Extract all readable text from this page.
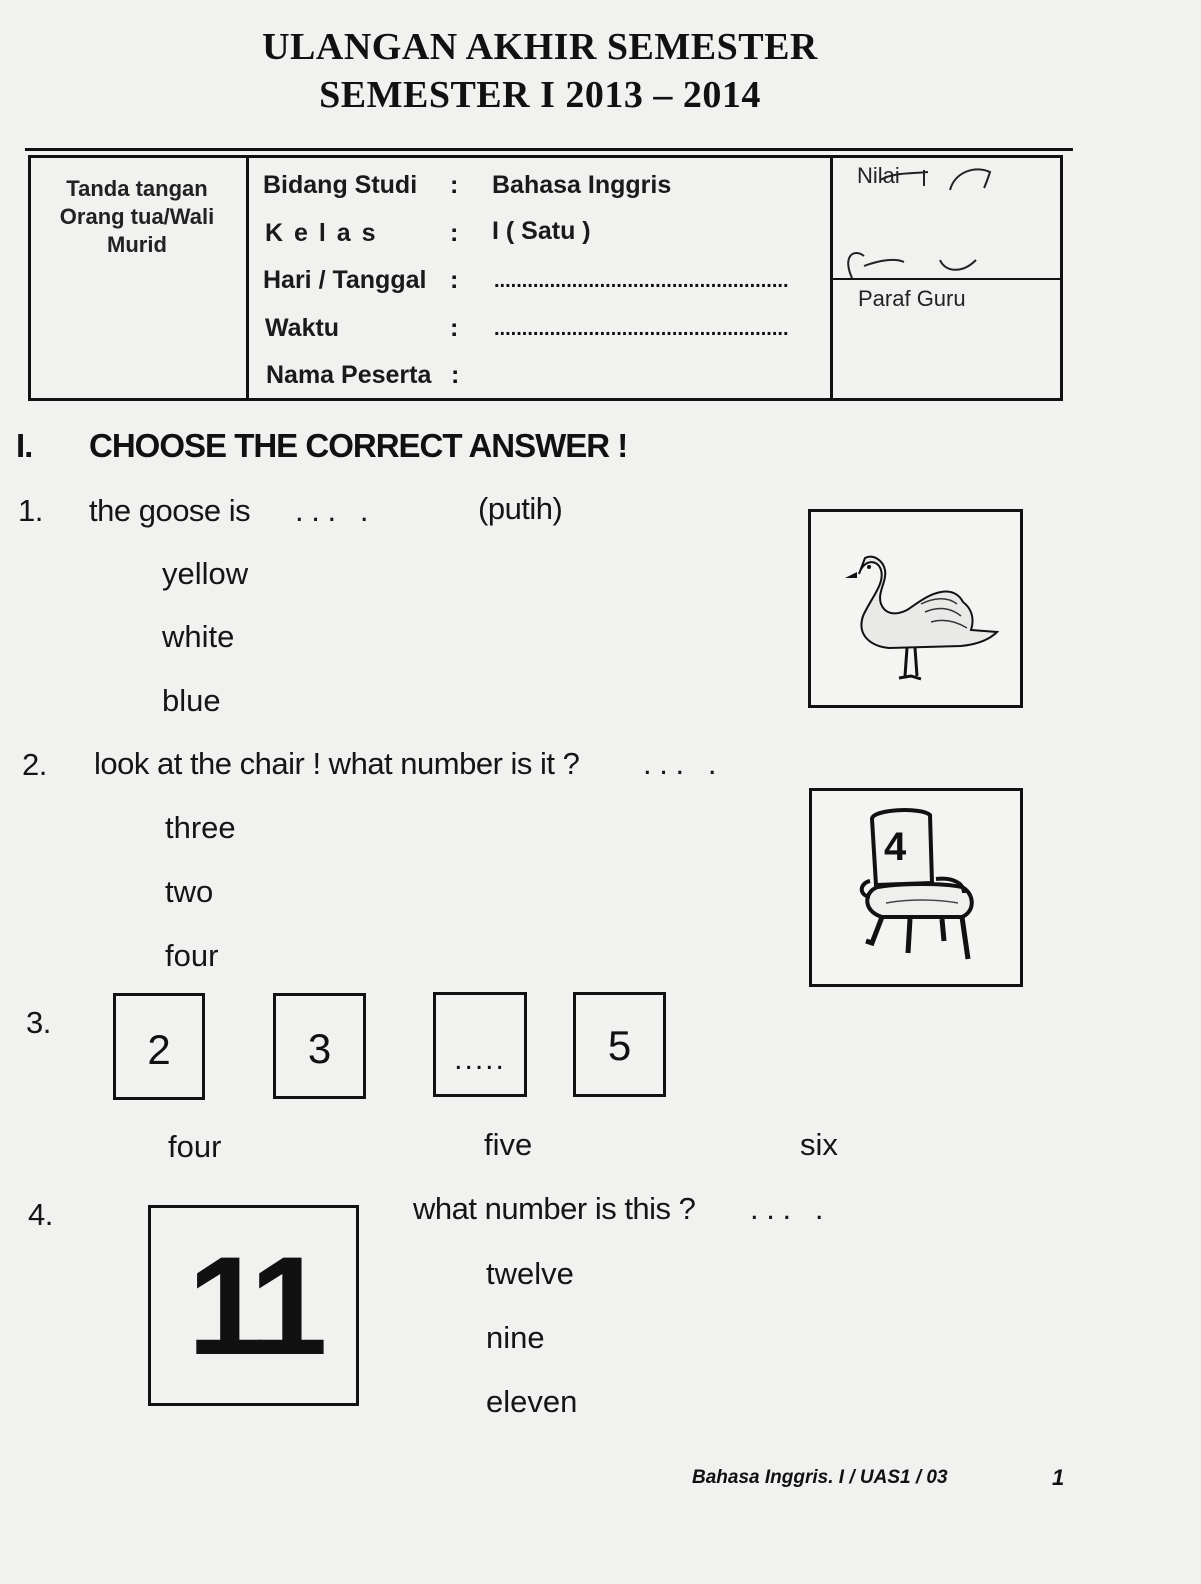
ULANGAN AKHIR SEMESTER
SEMESTER I 2013 – 2014
Tanda tangan Orang tua/Wali Murid
Bidang Studi : Bahasa Inggris
K e l a s	: I ( Satu )
Hari / Tanggal : .....................................................
Waktu	: .....................................................
Nama Peserta :
Nilai
Paraf Guru
I. CHOOSE THE CORRECT ANSWER !
1. the goose is . . .   .	(putih)
yellow
white
blue
2. look at the chair ! what number is it ? . . .   .
three
two
four
4
3.
2	3	.....	5
four	five	six
4.
11
what number is this ? . . .   .
twelve
nine
eleven
Bahasa Inggris. I / UAS1 / 03	1
